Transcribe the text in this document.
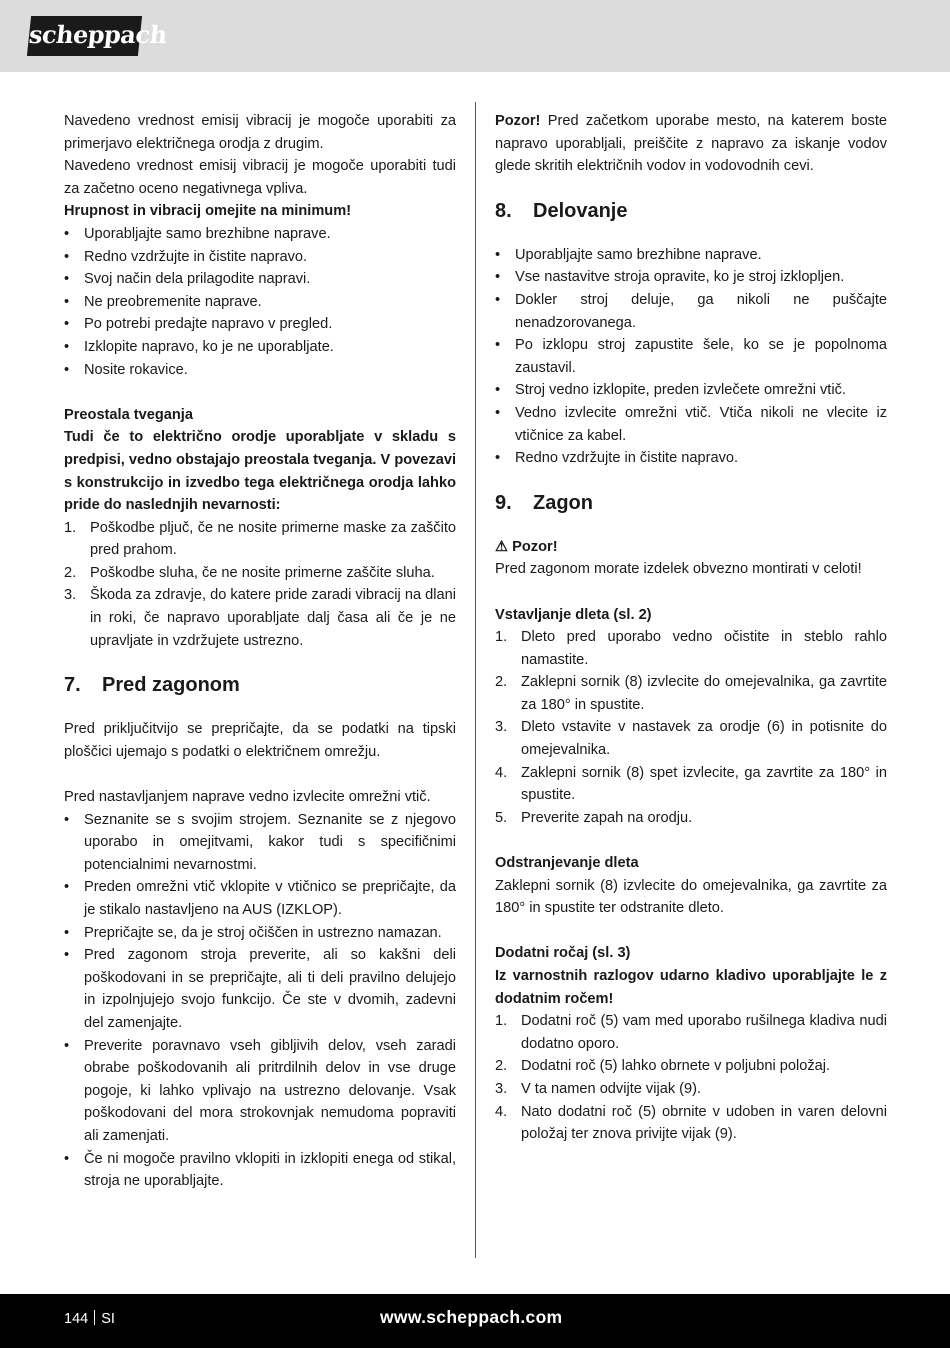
scheppach

Navedeno vrednost emisij vibracij je mogoče uporabiti za primerjavo električnega orodja z drugim.

Navedeno vrednost emisij vibracij je mogoče uporabiti tudi za začetno oceno negativnega vpliva.

Hrupnost in vibracij omejite na minimum!

• Uporabljajte samo brezhibne naprave.
• Redno vzdržujte in čistite napravo.
• Svoj način dela prilagodite napravi.
• Ne preobremenite naprave.
• Po potrebi predajte napravo v pregled.
• Izklopite napravo, ko je ne uporabljate.
• Nosite rokavice.

Preostala tveganja

Tudi če to električno orodje uporabljate v skladu s predpisi, vedno obstajajo preostala tveganja. V povezavi s konstrukcijo in izvedbo tega električnega orodja lahko pride do naslednjih nevarnosti:

1. Poškodbe pljuč, če ne nosite primerne maske za zaščito pred prahom.
2. Poškodbe sluha, če ne nosite primerne zaščite sluha.
3. Škoda za zdravje, do katere pride zaradi vibracij na dlani in roki, če napravo uporabljate dalj časa ali če je ne upravljate in vzdržujete ustrezno.
7. Pred zagonom

Pred priključitvijo se prepričajte, da se podatki na tipski ploščici ujemajo s podatki o električnem omrežju.

Pred nastavljanjem naprave vedno izvlecite omrežni vtič.

• Seznanite se s svojim strojem. Seznanite se z njegovo uporabo in omejitvami, kakor tudi s specifičnimi potencialnimi nevarnostmi.
• Preden omrežni vtič vklopite v vtičnico se prepričajte, da je stikalo nastavljeno na AUS (IZKLOP).
• Prepričajte se, da je stroj očiščen in ustrezno namazan.
• Pred zagonom stroja preverite, ali so kakšni deli poškodovani in se prepričajte, ali ti deli pravilno delujejo in izpolnjujejo svojo funkcijo. Če ste v dvomih, zadevni del zamenjajte.
• Preverite poravnavo vseh gibljivih delov, vseh zaradi obrabe poškodovanih ali pritrdilnih delov in vse druge pogoje, ki lahko vplivajo na ustrezno delovanje. Vsak poškodovani del mora strokovnjak nemudoma popraviti ali zamenjati.
• Če ni mogoče pravilno vklopiti in izklopiti enega od stikal, stroja ne uporabljajte.

Pozor! Pred začetkom uporabe mesto, na katerem boste napravo uporabljali, preiščite z napravo za iskanje vodov glede skritih električnih vodov in vodovodnih cevi.

8. Delovanje
• Uporabljajte samo brezhibne naprave.
• Vse nastavitve stroja opravite, ko je stroj izklopljen.
• Dokler stroj deluje, ga nikoli ne puščajte nenadzorovanega.
• Po izklopu stroj zapustite šele, ko se je popolnoma zaustavil.
• Stroj vedno izklopite, preden izvlečete omrežni vtič.
• Vedno izvlecite omrežni vtič. Vtiča nikoli ne vlecite iz vtičnice za kabel.
• Redno vzdržujte in čistite napravo.
9. Zagon

⚠ Pozor!

Pred zagonom morate izdelek obvezno montirati v celoti!

Vstavljanje dleta (sl. 2)

1. Dleto pred uporabo vedno očistite in steblo rahlo namastite.
2. Zaklepni sornik (8) izvlecite do omejevalnika, ga zavrtite za 180° in spustite.
3. Dleto vstavite v nastavek za orodje (6) in potisnite do omejevalnika.
4. Zaklepni sornik (8) spet izvlecite, ga zavrtite za 180° in spustite.
5. Preverite zapah na orodju.

Odstranjevanje dleta

Zaklepni sornik (8) izvlecite do omejevalnika, ga zavrtite za 180° in spustite ter odstranite dleto.

Dodatni ročaj (sl. 3)

Iz varnostnih razlogov udarno kladivo uporabljajte le z dodatnim ročem!

1. Dodatni roč (5) vam med uporabo rušilnega kladiva nudi dodatno oporo.
2. Dodatni roč (5) lahko obrnete v poljubni položaj.
3. V ta namen odvijte vijak (9).
4. Nato dodatni roč (5) obrnite v udoben in varen delovni položaj ter znova privijte vijak (9).
144 SI	www.scheppach.com
